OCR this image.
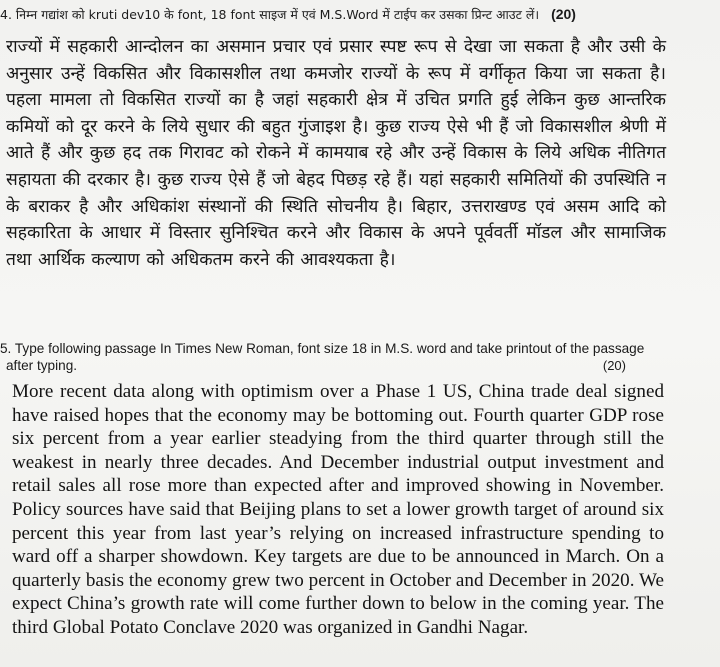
4. निम्न गद्यांश को kruti dev10 के font, 18 font साइज में एवं M.S.Word में टाईप कर उसका प्रिन्ट आउट लें। (20)
राज्यों में सहकारी आन्दोलन का असमान प्रचार एवं प्रसार स्पष्ट रूप से देखा जा सकता है और उसी के अनुसार उन्हें विकसित और विकासशील तथा कमजोर राज्यों के रूप में वर्गीकृत किया जा सकता है। पहला मामला तो विकसित राज्यों का है जहां सहकारी क्षेत्र में उचित प्रगति हुई लेकिन कुछ आन्तरिक कमियों को दूर करने के लिये सुधार की बहुत गुंजाइश है। कुछ राज्य ऐसे भी हैं जो विकासशील श्रेणी में आते हैं और कुछ हद तक गिरावट को रोकने में कामयाब रहे और उन्हें विकास के लिये अधिक नीतिगत सहायता की दरकार है। कुछ राज्य ऐसे हैं जो बेहद पिछड़ रहे हैं। यहां सहकारी समितियों की उपस्थिति न के बराकर है और अधिकांश संस्थानों की स्थिति सोचनीय है। बिहार, उत्तराखण्ड एवं असम आदि को सहकारिता के आधार में विस्तार सुनिश्चित करने और विकास के अपने पूर्ववर्ती मॉडल और सामाजिक तथा आर्थिक कल्याण को अधिकतम करने की आवश्यकता है।
5. Type following passage In Times New Roman, font size 18 in M.S. word and take printout of the passage
after typing.	(20)
More recent data along with optimism over a Phase 1 US, China trade deal signed have raised hopes that the economy may be bottoming out. Fourth quarter GDP rose six percent from a year earlier steadying from the third quarter through still the weakest in nearly three decades. And December industrial output investment and retail sales all rose more than expected after and improved showing in November. Policy sources have said that Beijing plans to set a lower growth target of around six percent this year from last year’s relying on increased infrastructure spending to ward off a sharper showdown. Key targets are due to be announced in March. On a quarterly basis the economy grew two percent in October and December in 2020. We expect China’s growth rate will come further down to below in the coming year. The third Global Potato Conclave 2020 was organized in Gandhi Nagar.
